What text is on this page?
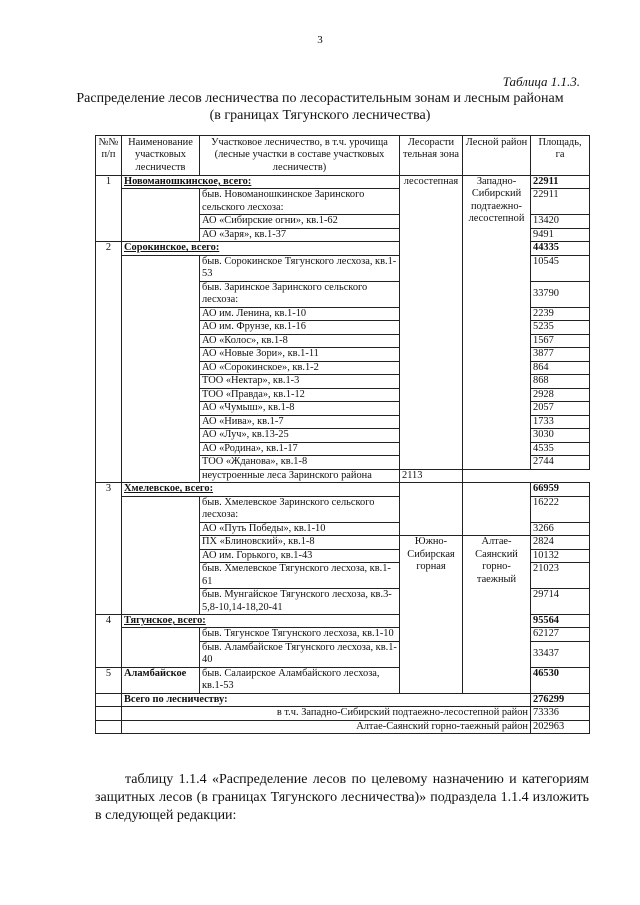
3
Таблица 1.1.3.
Распределение лесов лесничества по лесорастительным зонам и лесным районам
(в границах Тягунского лесничества)
№№ п/п	Наименование участковых лесничеств	Участковое лесничество, в т.ч. урочища (лесные участки в составе участковых лесничеств)	Лесорасти тельная зона	Лесной район	Площадь, га
1	Новоманошкинское, всего:		лесостепная	Западно-Сибирский подтаежно-лесостепной	22911
		быв. Новоманошкинское Заринского сельского лесхоза:			22911
		АО «Сибирские огни», кв.1-62			13420
		АО «Заря», кв.1-37			9491
2	Сорокинское, всего:				44335
		быв. Сорокинское Тягунского лесхоза, кв.1-53			10545
		быв. Заринское Заринского сельского лесхоза:			33790
		АО им. Ленина, кв.1-10			2239
		АО им. Фрунзе, кв.1-16			5235
		АО «Колос», кв.1-8			1567
		АО «Новые Зори», кв.1-11			3877
		АО «Сорокинское», кв.1-2			864
		ТОО «Нектар», кв.1-3			868
		ТОО «Правда», кв.1-12			2928
		АО «Чумыш», кв.1-8			2057
		АО «Нива», кв.1-7			1733
		АО «Луч», кв.13-25			3030
		АО «Родина», кв.1-17			4535
		ТОО «Жданова», кв.1-8			2744
		неустроенные леса Заринского района	2113		
3	Хмелевское, всего:				66959
		быв. Хмелевское Заринского сельского лесхоза:			16222
		АО «Путь Победы», кв.1-10			3266
		ПХ «Блиновский», кв.1-8	Южно-Сибирская горная	Алтае-Саянский горно-таежный	2824
		АО им. Горького, кв.1-43			10132
		быв. Хмелевское Тягунского лесхоза, кв.1-61			21023
		быв. Мунгайское Тягунского лесхоза, кв.3-5,8-10,14-18,20-41			29714
4	Тягунское, всего:				95564
		быв. Тягунское Тягунского лесхоза, кв.1-10			62127
		быв. Аламбайское Тягунского лесхоза, кв.1-40			33437
5	Аламбайское	быв. Салаирское Аламбайского лесхоза, кв.1-53			46530
	Всего по лесничеству:				276299
	в т.ч. Западно-Сибирский подтаежно-лесостепной район				73336
	Алтае-Саянский горно-таежный район				202963
таблицу 1.1.4 «Распределение лесов по целевому назначению и категориям защитных лесов (в границах Тягунского лесничества)» подраздела 1.1.4 изложить в следующей редакции:
